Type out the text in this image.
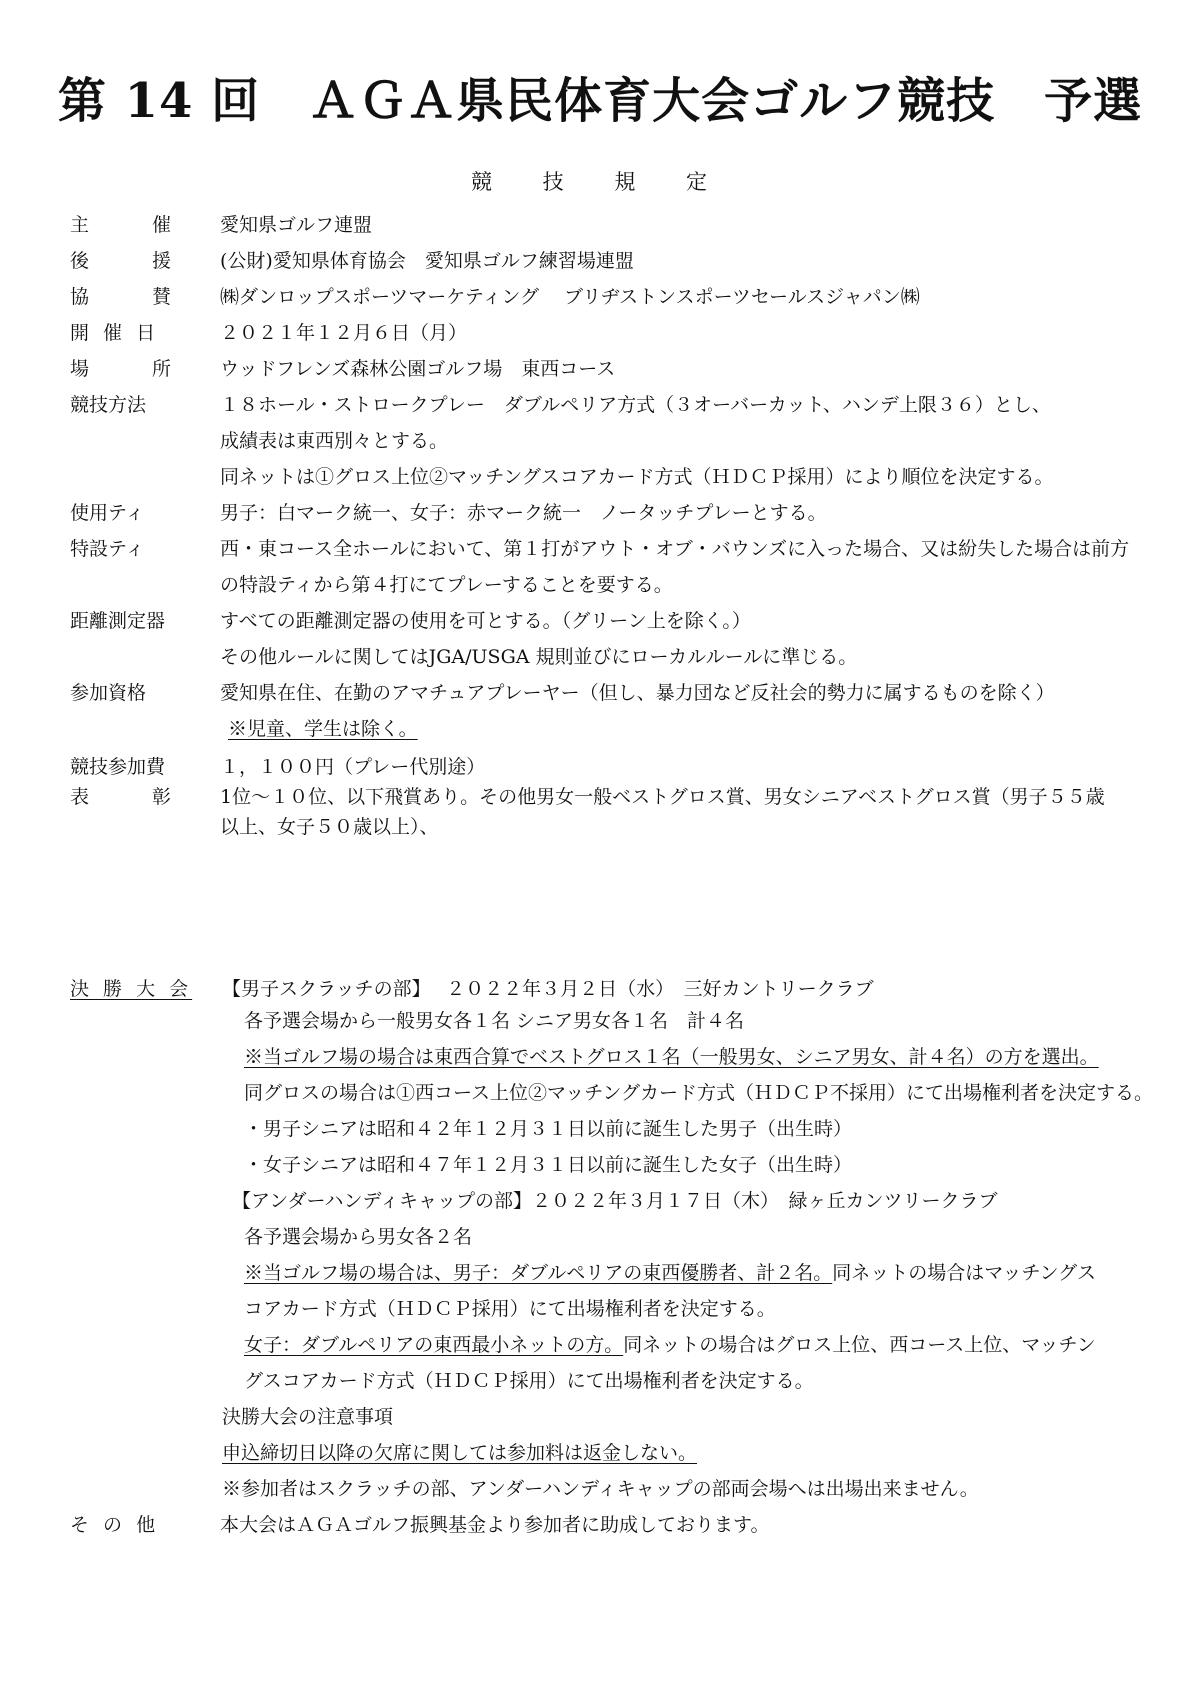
第 14 回　ＡＧＡ県民体育大会ゴルフ競技　予選
競 技 規 定
主　催 愛知県ゴルフ連盟
後　援 (公財)愛知県体育協会　愛知県ゴルフ練習場連盟
協　賛 ㈱ダンロップスポーツマーケティング　 ブリヂストンスポーツセールスジャパン㈱
開 催 日	２０２１年１２月６日（月）
場　所 ウッドフレンズ森林公園ゴルフ場　東西コース
競技方法	１８ホール・ストロークプレー　ダブルペリア方式（３オーバーカット、ハンデ上限３６）とし、
成績表は東西別々とする。
同ネットは①グロス上位②マッチングスコアカード方式（ＨＤＣＰ採用）により順位を決定する。
使用ティ	男子：白マーク統一、女子：赤マーク統一　ノータッチプレーとする。
特設ティ	西・東コース全ホールにおいて、第１打がアウト・オブ・バウンズに入った場合、又は紛失した場合は前方
の特設ティから第４打にてプレーすることを要する。
距離測定器	すべての距離測定器の使用を可とする。（グリーン上を除く。）
その他ルールに関してはJGA/USGA 規則並びにローカルルールに準じる。
参加資格	愛知県在住、在勤のアマチュアプレーヤー（但し、暴力団など反社会的勢力に属するものを除く）
※児童、学生は除く。
競技参加費	１，１００円（プレー代別途）
表　彰 1位～１０位、以下飛賞あり。その他男女一般ベストグロス賞、男女シニアベストグロス賞（男子５５歳
以上、女子５０歳以上）、
決 勝 大 会 【男子スクラッチの部】　 ２０２２年３月２日（水）　三好カントリークラブ
各予選会場から一般男女各１名 シニア男女各１名　計４名
※当ゴルフ場の場合は東西合算でベストグロス１名（一般男女、シニア男女、計４名）の方を選出。
同グロスの場合は①西コース上位②マッチングカード方式（ＨＤＣＰ不採用）にて出場権利者を決定する。
・男子シニアは昭和４２年１２月３１日以前に誕生した男子（出生時）
・女子シニアは昭和４７年１２月３１日以前に誕生した女子（出生時）
【アンダーハンディキャップの部】２０２２年３月１７日（木）　緑ヶ丘カンツリークラブ
各予選会場から男女各２名
※当ゴルフ場の場合は、男子：ダブルペリアの東西優勝者、計２名。同ネットの場合はマッチングス
コアカード方式（ＨＤＣＰ採用）にて出場権利者を決定する。
女子：ダブルペリアの東西最小ネットの方。同ネットの場合はグロス上位、西コース上位、マッチン
グスコアカード方式（ＨＤＣＰ採用）にて出場権利者を決定する。
決勝大会の注意事項
申込締切日以降の欠席に関しては参加料は返金しない。
※参加者はスクラッチの部、アンダーハンディキャップの部両会場へは出場出来ません。
そ の 他	本大会はＡＧＡゴルフ振興基金より参加者に助成しております。
